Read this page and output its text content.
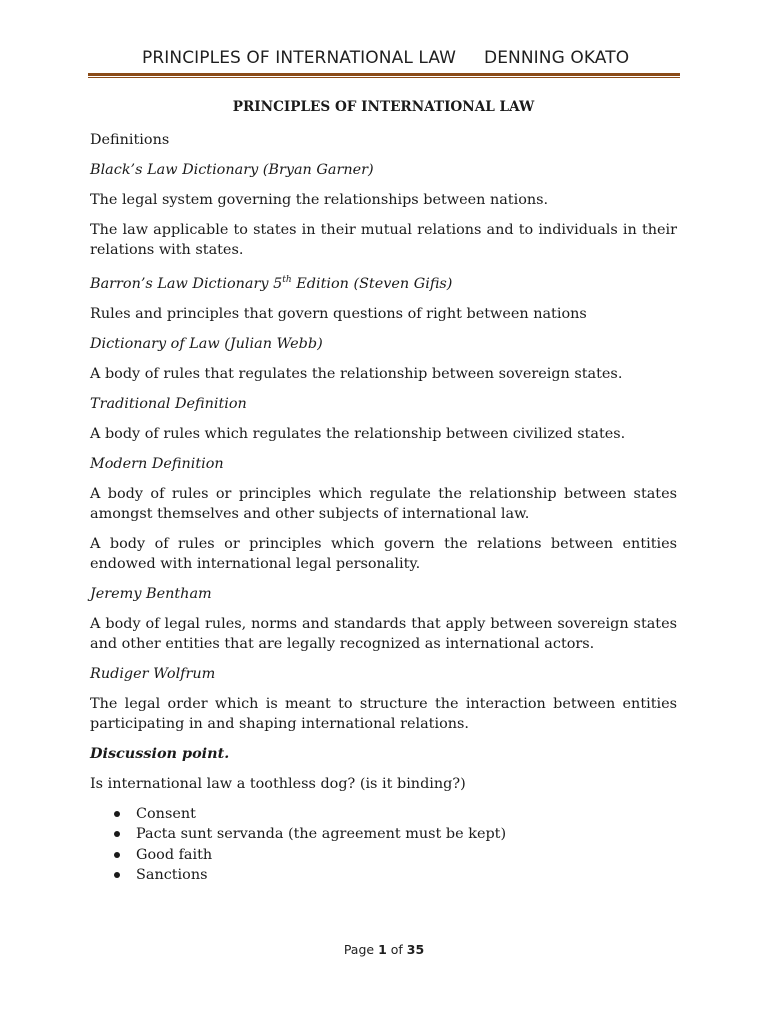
PRINCIPLES OF INTERNATIONAL LAW DENNING OKATO

PRINCIPLES OF INTERNATIONAL LAW

Definitions

Black’s Law Dictionary (Bryan Garner)

The legal system governing the relationships between nations.

The law applicable to states in their mutual relations and to individuals in their relations with states.

Barron’s Law Dictionary 5th Edition (Steven Gifis)

Rules and principles that govern questions of right between nations

Dictionary of Law (Julian Webb)

A body of rules that regulates the relationship between sovereign states.

Traditional Definition

A body of rules which regulates the relationship between civilized states.

Modern Definition

A body of rules or principles which regulate the relationship between states amongst themselves and other subjects of international law.

A body of rules or principles which govern the relations between entities endowed with international legal personality.

Jeremy Bentham

A body of legal rules, norms and standards that apply between sovereign states and other entities that are legally recognized as international actors.

Rudiger Wolfrum

The legal order which is meant to structure the interaction between entities participating in and shaping international relations.

Discussion point.

Is international law a toothless dog? (is it binding?)

Consent
Pacta sunt servanda (the agreement must be kept)
Good faith
Sanctions
Page 1 of 35
